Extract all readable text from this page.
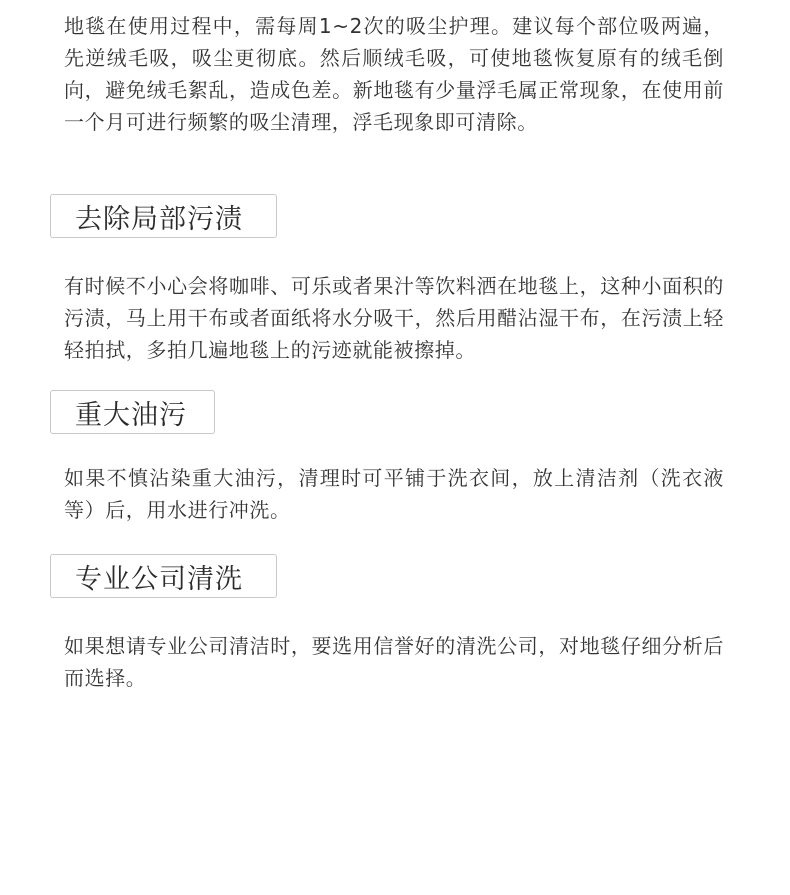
地毯在使用过程中，需每周1~2次的吸尘护理。建议每个部位吸两遍，先逆绒毛吸，吸尘更彻底。然后顺绒毛吸，可使地毯恢复原有的绒毛倒向，避免绒毛絮乱，造成色差。新地毯有少量浮毛属正常现象，在使用前一个月可进行频繁的吸尘清理，浮毛现象即可清除。

去除局部污渍

有时候不小心会将咖啡、可乐或者果汁等饮料洒在地毯上，这种小面积的污渍，马上用干布或者面纸将水分吸干，然后用醋沾湿干布，在污渍上轻轻拍拭，多拍几遍地毯上的污迹就能被擦掉。

重大油污

如果不慎沾染重大油污，清理时可平铺于洗衣间，放上清洁剂（洗衣液等）后，用水进行冲洗。

专业公司清洗

如果想请专业公司清洁时，要选用信誉好的清洗公司，对地毯仔细分析后而选择。
